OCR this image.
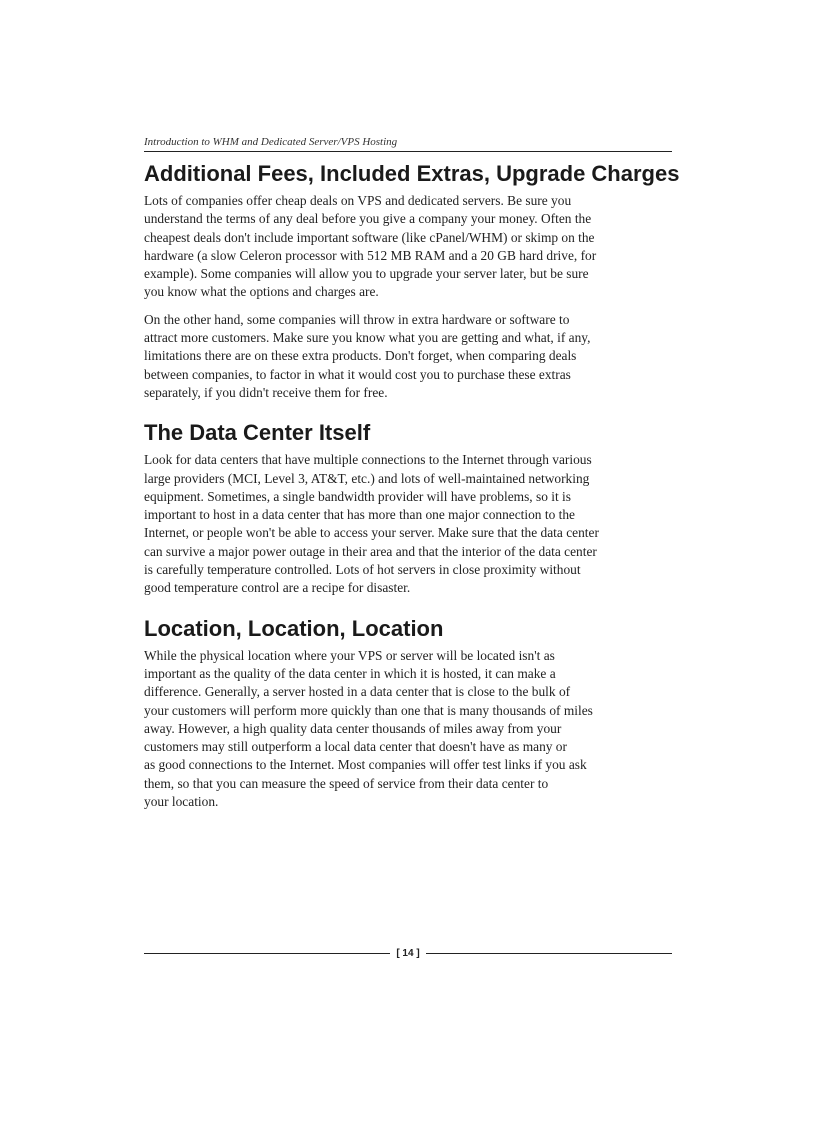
Introduction to WHM and Dedicated Server/VPS Hosting
Additional Fees, Included Extras, Upgrade Charges

Lots of companies offer cheap deals on VPS and dedicated servers. Be sure you
understand the terms of any deal before you give a company your money. Often the
cheapest deals don't include important software (like cPanel/WHM) or skimp on the
hardware (a slow Celeron processor with 512 MB RAM and a 20 GB hard drive, for
example). Some companies will allow you to upgrade your server later, but be sure
you know what the options and charges are.

On the other hand, some companies will throw in extra hardware or software to
attract more customers. Make sure you know what you are getting and what, if any,
limitations there are on these extra products. Don't forget, when comparing deals
between companies, to factor in what it would cost you to purchase these extras
separately, if you didn't receive them for free.

The Data Center Itself

Look for data centers that have multiple connections to the Internet through various
large providers (MCI, Level 3, AT&T, etc.) and lots of well-maintained networking
equipment. Sometimes, a single bandwidth provider will have problems, so it is
important to host in a data center that has more than one major connection to the
Internet, or people won't be able to access your server. Make sure that the data center
can survive a major power outage in their area and that the interior of the data center
is carefully temperature controlled. Lots of hot servers in close proximity without
good temperature control are a recipe for disaster.

Location, Location, Location

While the physical location where your VPS or server will be located isn't as
important as the quality of the data center in which it is hosted, it can make a
difference. Generally, a server hosted in a data center that is close to the bulk of
your customers will perform more quickly than one that is many thousands of miles
away. However, a high quality data center thousands of miles away from your
customers may still outperform a local data center that doesn't have as many or
as good connections to the Internet. Most companies will offer test links if you ask
them, so that you can measure the speed of service from their data center to
your location.

[ 14 ]
